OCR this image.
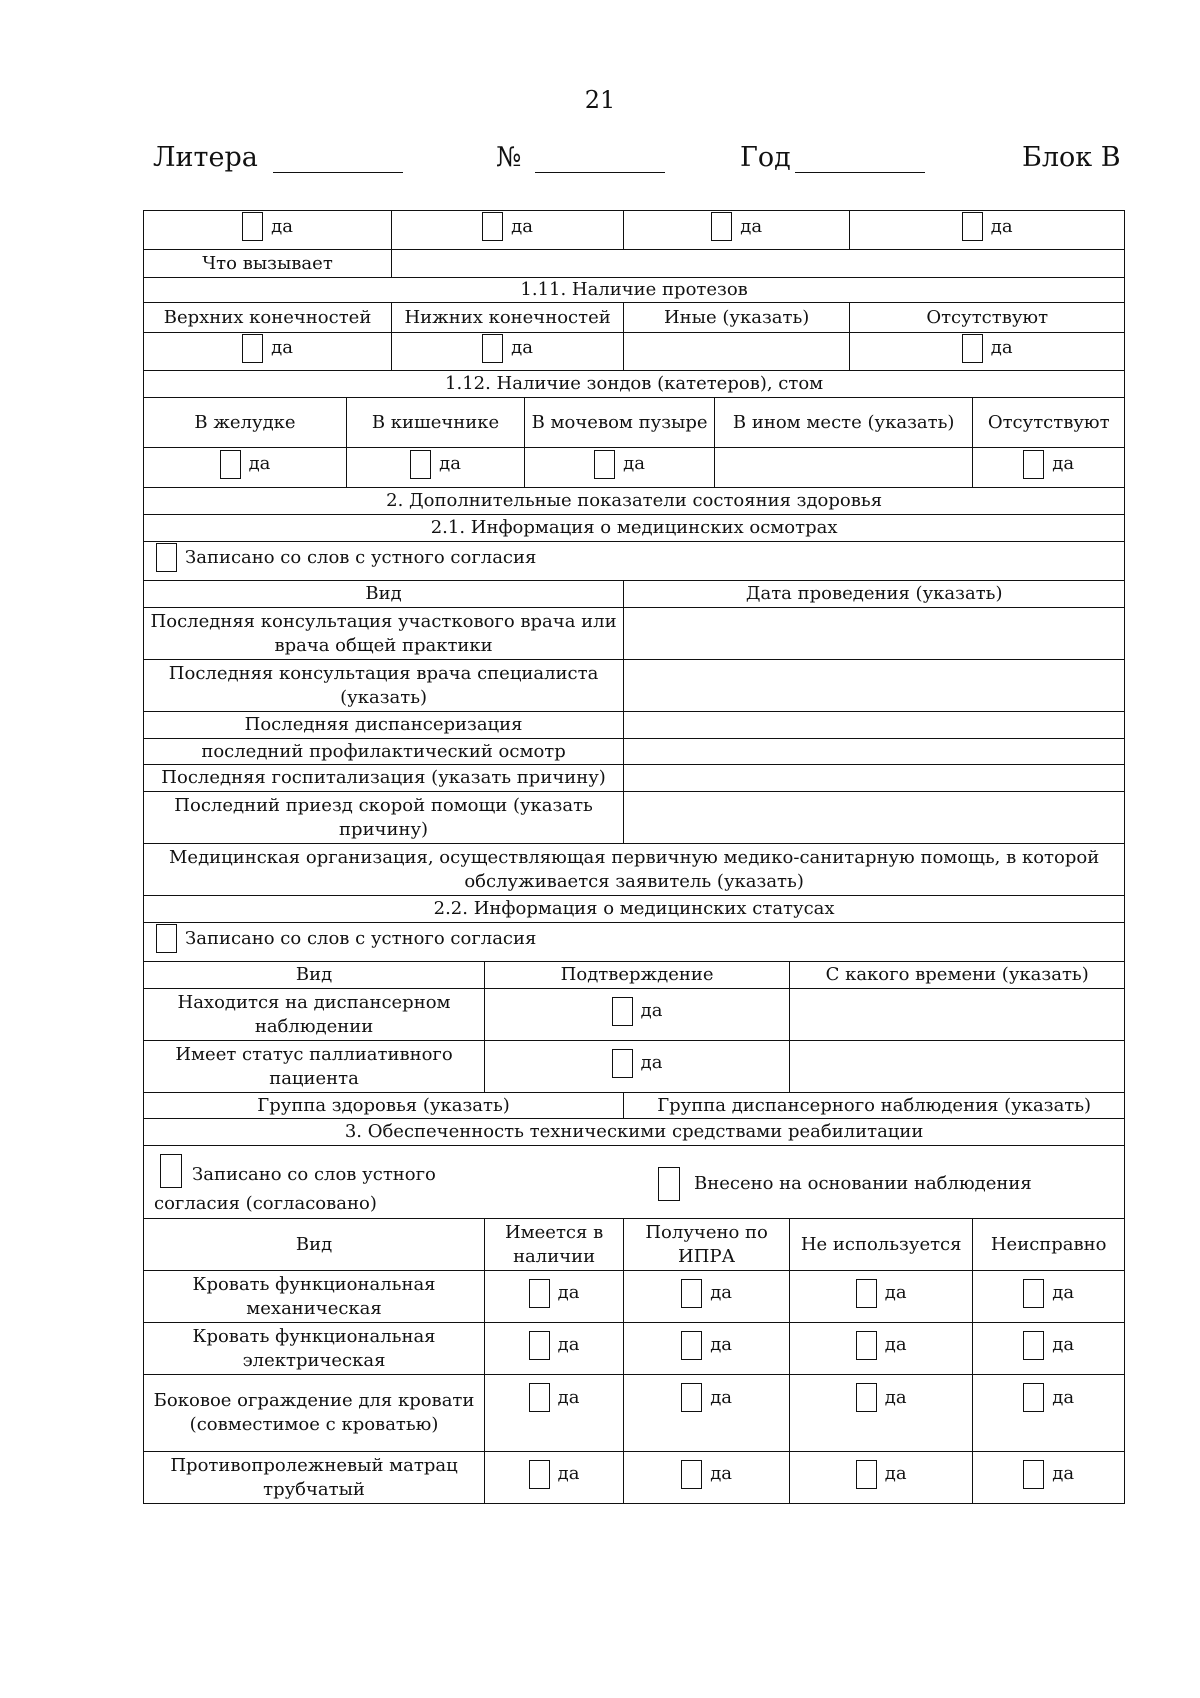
21
Литера	№	Год	Блок В
да		да			да			да	

Что вызывает									
1.11. Наличие протезов									
Верхних конечностей		Нижних конечностей			Иные (указать)			Отсутствуют	

да		да						да	

1.12. Наличие зондов (катетеров), стом									
В желудке	В кишечнике			В мочевом пузыре		В ином месте (указать)			Отсутствуют

да	да			да					да

2. Дополнительные показатели состояния здоровья									
2.1. Информация о медицинских осмотрах									

Записано со слов с устного согласия									

Вид					Дата проведения (указать)				
Последняя консультация участкового врача или врача общей практики									
Последняя консультация врача специалиста (указать)									
Последняя диспансеризация									
последний профилактический осмотр									
Последняя госпитализация (указать причину)									
Последний приезд скорой помощи (указать причину)									
Медицинская организация, осуществляющая первичную медико-санитарную помощь, в которой обслуживается заявитель (указать)									
2.2. Информация о медицинских статусах									

Записано со слов с устного согласия									

Вид			Подтверждение				С какого времени (указать)		
Находится на диспансерном наблюдении			да						

Имеет статус паллиативного пациента			да						

Группа здоровья (указать)					Группа диспансерного наблюдения (указать)				
3. Обеспеченность техническими средствами реабилитации									

Записано со слов устного согласия (согласовано)
Внесено на основании наблюдения									

Вид			Имеется в наличии		Получено по ИПРА		Не используется		Неисправно
Кровать функциональная механическая			да		да		да		да

Кровать функциональная электрическая			да		да		да		да

Боковое ограждение для кровати (совместимое с кроватью)			да		да		да		да

Противопролежневый матрац трубчатый			да		да		да		да
